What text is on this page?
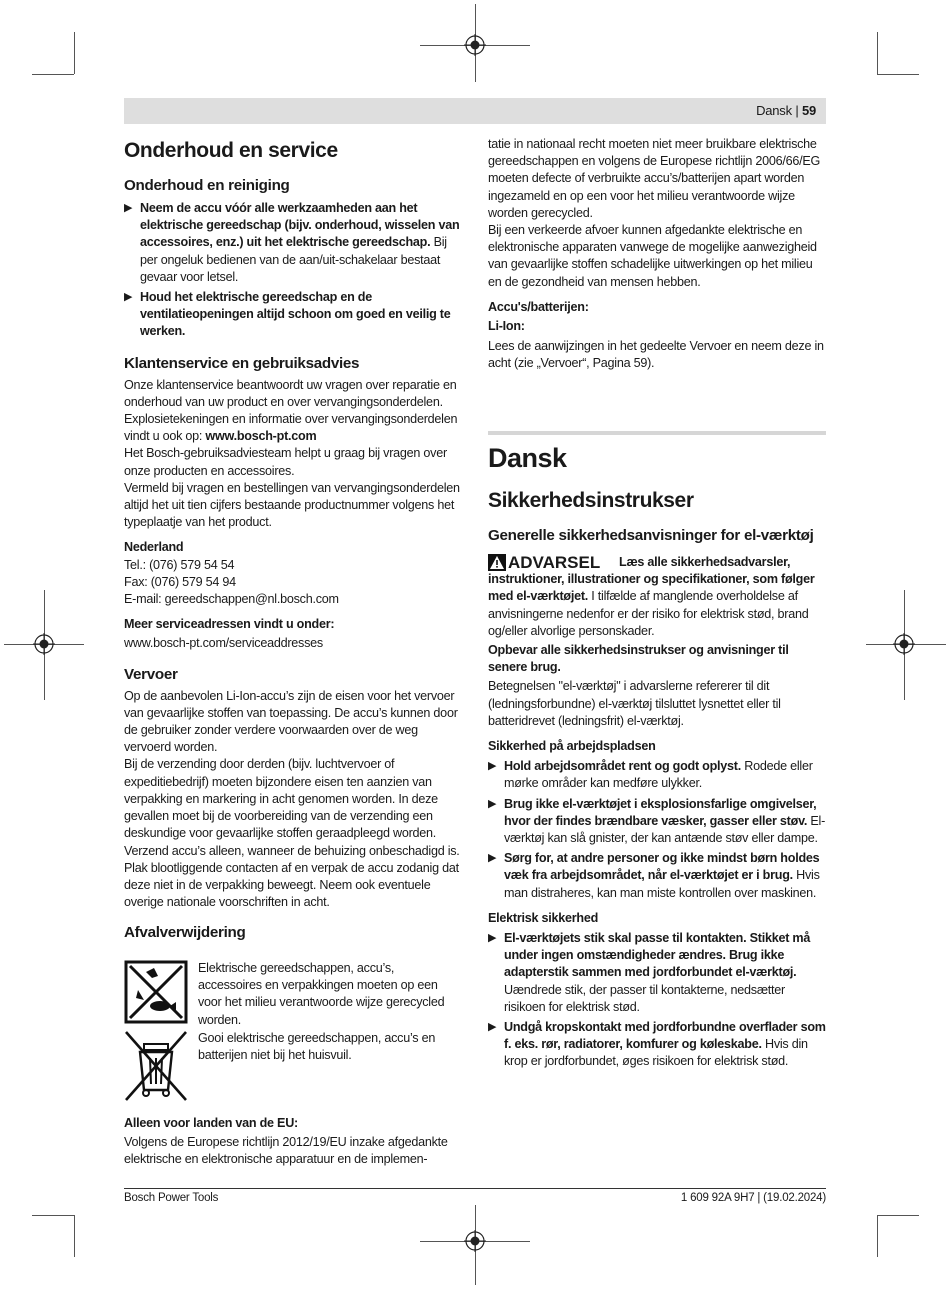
Dansk | 59
Onderhoud en service
Onderhoud en reiniging
▶ Neem de accu vóór alle werkzaamheden aan het elektrische gereedschap (bijv. onderhoud, wisselen van accessoires, enz.) uit het elektrische gereedschap. Bij per ongeluk bedienen van de aan/uit-schakelaar bestaat gevaar voor letsel.
▶ Houd het elektrische gereedschap en de ventilatieopeningen altijd schoon om goed en veilig te werken.
Klantenservice en gebruiksadvies

Onze klantenservice beantwoordt uw vragen over reparatie en onderhoud van uw product en over vervangingsonderdelen. Explosietekeningen en informatie over vervangingsonderdelen vindt u ook op: www.bosch-pt.com

Het Bosch-gebruiksadviesteam helpt u graag bij vragen over onze producten en accessoires.

Vermeld bij vragen en bestellingen van vervangingsonderdelen altijd het uit tien cijfers bestaande productnummer volgens het typeplaatje van het product.

Nederland

Tel.: (076) 579 54 54

Fax: (076) 579 54 94

E-mail: gereedschappen@nl.bosch.com

Meer serviceadressen vindt u onder:

www.bosch-pt.com/serviceaddresses

Vervoer

Op de aanbevolen Li-Ion-accu’s zijn de eisen voor het vervoer van gevaarlijke stoffen van toepassing. De accu’s kunnen door de gebruiker zonder verdere voorwaarden over de weg vervoerd worden.

Bij de verzending door derden (bijv. luchtvervoer of expeditiebedrijf) moeten bijzondere eisen ten aanzien van verpakking en markering in acht genomen worden. In deze gevallen moet bij de voorbereiding van de verzending een deskundige voor gevaarlijke stoffen geraadpleegd worden.

Verzend accu’s alleen, wanneer de behuizing onbeschadigd is. Plak blootliggende contacten af en verpak de accu zodanig dat deze niet in de verpakking beweegt. Neem ook eventuele overige nationale voorschriften in acht.

Afvalverwijdering
Elektrische gereedschappen, accu’s, accessoires en verpakkingen moeten op een voor het milieu verantwoorde wijze gerecycled worden.
Gooi elektrische gereedschappen, accu’s en batterijen niet bij het huisvuil.

Alleen voor landen van de EU:

Volgens de Europese richtlijn 2012/19/EU inzake afgedankte elektrische en elektronische apparatuur en de implemen-

tatie in nationaal recht moeten niet meer bruikbare elektrische gereedschappen en volgens de Europese richtlijn 2006/66/EG moeten defecte of verbruikte accu’s/batterijen apart worden ingezameld en op een voor het milieu verantwoorde wijze worden gerecycled.

Bij een verkeerde afvoer kunnen afgedankte elektrische en elektronische apparaten vanwege de mogelijke aanwezigheid van gevaarlijke stoffen schadelijke uitwerkingen op het milieu en de gezondheid van mensen hebben.

Accu's/batterijen:

Li-Ion:

Lees de aanwijzingen in het gedeelte Vervoer en neem deze in acht (zie „Vervoer“, Pagina 59).

Dansk
Sikkerhedsinstrukser
Generelle sikkerhedsanvisninger for el-værktøj
ADVARSEL	Læs alle sikkerhedsadvarsler, instruktioner, illustrationer og specifikationer, som følger med el-værktøjet. I tilfælde af manglende overholdelse af anvisningerne nedenfor er der risiko for elektrisk stød, brand og/eller alvorlige personskader.

Opbevar alle sikkerhedsinstrukser og anvisninger til senere brug.

Betegnelsen "el-værktøj" i advarslerne refererer til dit (ledningsforbundne) el-værktøj tilsluttet lysnettet eller til batteridrevet (ledningsfrit) el-værktøj.

Sikkerhed på arbejdspladsen

▶ Hold arbejdsområdet rent og godt oplyst. Rodede eller mørke områder kan medføre ulykker.
▶ Brug ikke el-værktøjet i eksplosionsfarlige omgivelser, hvor der findes brændbare væsker, gasser eller støv. El-værktøj kan slå gnister, der kan antænde støv eller dampe.
▶ Sørg for, at andre personer og ikke mindst børn holdes væk fra arbejdsområdet, når el-værktøjet er i brug. Hvis man distraheres, kan man miste kontrollen over maskinen.

Elektrisk sikkerhed

▶ El-værktøjets stik skal passe til kontakten. Stikket må under ingen omstændigheder ændres. Brug ikke adapterstik sammen med jordforbundet el-værktøj. Uændrede stik, der passer til kontakterne, nedsætter risikoen for elektrisk stød.
▶ Undgå kropskontakt med jordforbundne overflader som f. eks. rør, radiatorer, komfurer og køleskabe. Hvis din krop er jordforbundet, øges risikoen for elektrisk stød.
Bosch Power Tools	1 609 92A 9H7 | (19.02.2024)
